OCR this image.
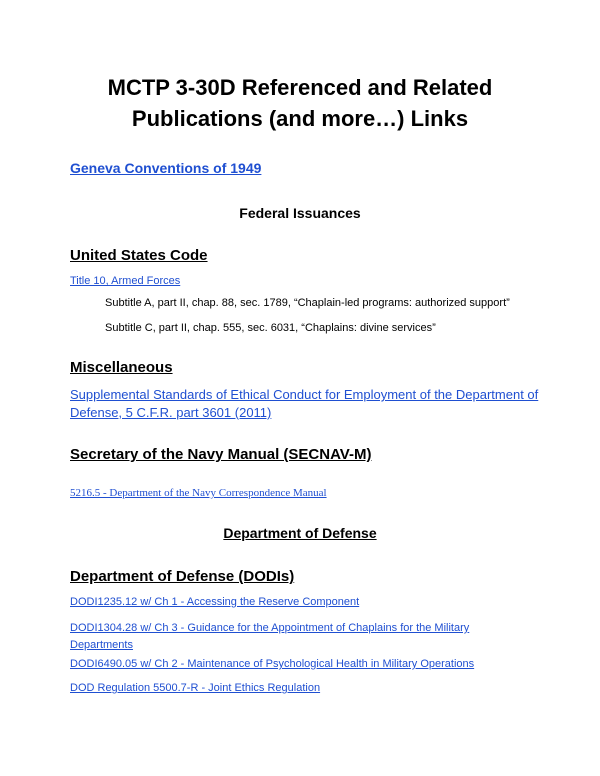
MCTP 3-30D Referenced and Related
Publications (and more…) Links
Geneva Conventions of 1949
Federal Issuances
United States Code
Title 10, Armed Forces

Subtitle A, part II, chap. 88, sec. 1789, “Chaplain-led programs: authorized support”

Subtitle C, part II, chap. 555, sec. 6031, “Chaplains: divine services”

Miscellaneous
Supplemental Standards of Ethical Conduct for Employment of the Department of Defense, 5 C.F.R. part 3601 (2011)
Secretary of the Navy Manual (SECNAV-M)
5216.5 - Department of the Navy Correspondence Manual
Department of Defense
Department of Defense (DODIs)
DODI1235.12 w/ Ch 1 - Accessing the Reserve Component
DODI1304.28 w/ Ch 3 - Guidance for the Appointment of Chaplains for the Military Departments
DODI6490.05 w/ Ch 2 - Maintenance of Psychological Health in Military Operations
DOD Regulation 5500.7-R - Joint Ethics Regulation
